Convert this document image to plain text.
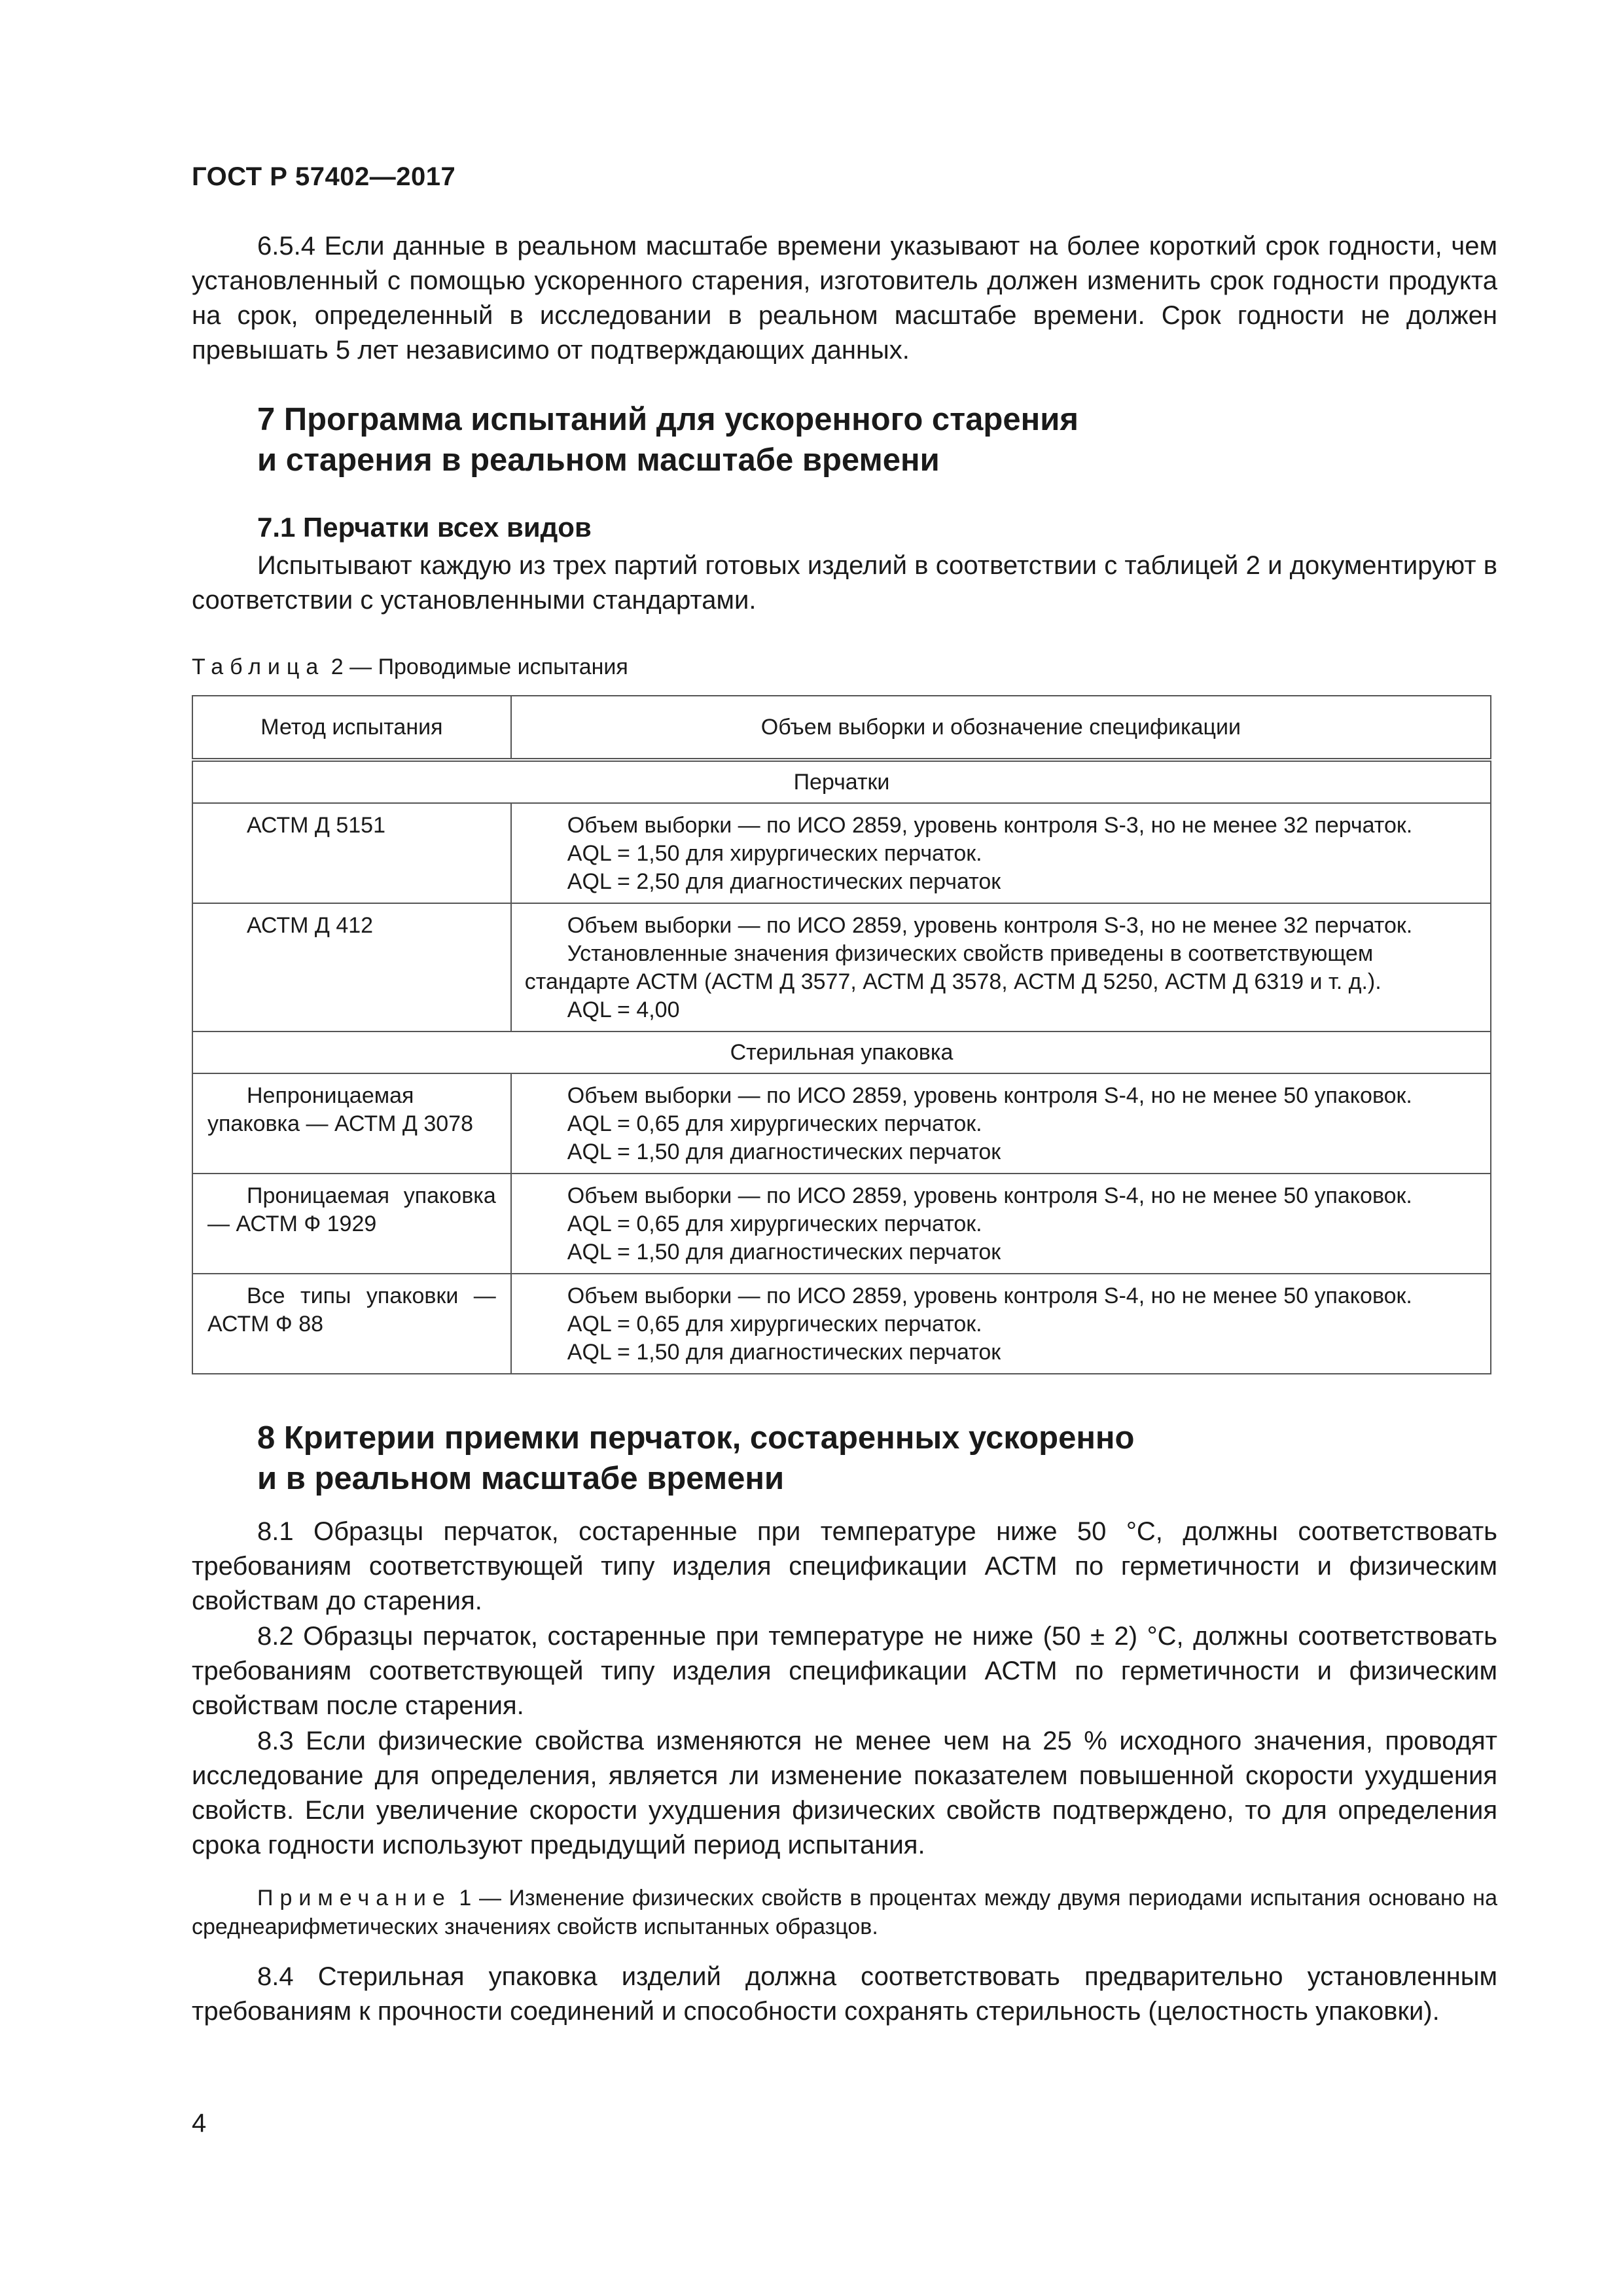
ГОСТ Р 57402—2017

6.5.4 Если данные в реальном масштабе времени указывают на более короткий срок годности, чем установленный с помощью ускоренного старения, изготовитель должен изменить срок годности продукта на срок, определенный в исследовании в реальном масштабе времени. Срок годности не должен превышать 5 лет независимо от подтверждающих данных.

7 Программа испытаний для ускоренного старения
и старения в реальном масштабе времени
7.1 Перчатки всех видов

Испытывают каждую из трех партий готовых изделий в соответствии с таблицей 2 и документируют в соответствии с установленными стандартами.

Таблица 2 — Проводимые испытания
Метод испытания	Объем выборки и обозначение спецификации
Перчатки	
АСТМ Д 5151	Объем выборки — по ИСО 2859, уровень контроля S-3, но не менее 32 перчаток.
AQL = 1,50 для хирургических перчаток.
AQL = 2,50 для диагностических перчаток

АСТМ Д 412	Объем выборки — по ИСО 2859, уровень контроля S-3, но не менее 32 перчаток.
Установленные значения физических свойств приведены в соответствующем
стандарте АСТМ (АСТМ Д 3577, АСТМ Д 3578, АСТМ Д 5250, АСТМ Д 6319 и т. д.).
AQL = 4,00

Стерильная упаковка	
Непроницаемая упаковка — АСТМ Д 3078	Объем выборки — по ИСО 2859, уровень контроля S-4, но не менее 50 упаковок.
AQL = 0,65 для хирургических перчаток.
AQL = 1,50 для диагностических перчаток

Проницаемая упаковка — АСТМ Ф 1929	Объем выборки — по ИСО 2859, уровень контроля S-4, но не менее 50 упаковок.
AQL = 0,65 для хирургических перчаток.
AQL = 1,50 для диагностических перчаток

Все типы упаковки — АСТМ Ф 88	Объем выборки — по ИСО 2859, уровень контроля S-4, но не менее 50 упаковок.
AQL = 0,65 для хирургических перчаток.
AQL = 1,50 для диагностических перчаток
8 Критерии приемки перчаток, состаренных ускоренно
и в реальном масштабе времени

8.1 Образцы перчаток, состаренные при температуре ниже 50 °С, должны соответствовать требованиям соответствующей типу изделия спецификации АСТМ по герметичности и физическим свойствам до старения.

8.2 Образцы перчаток, состаренные при температуре не ниже (50 ± 2) °С, должны соответствовать требованиям соответствующей типу изделия спецификации АСТМ по герметичности и физическим свойствам после старения.

8.3 Если физические свойства изменяются не менее чем на 25 % исходного значения, проводят исследование для определения, является ли изменение показателем повышенной скорости ухудшения свойств. Если увеличение скорости ухудшения физических свойств подтверждено, то для определения срока годности используют предыдущий период испытания.

Примечание 1 — Изменение физических свойств в процентах между двумя периодами испытания основано на среднеарифметических значениях свойств испытанных образцов.

8.4 Стерильная упаковка изделий должна соответствовать предварительно установленным требованиям к прочности соединений и способности сохранять стерильность (целостность упаковки).

4
